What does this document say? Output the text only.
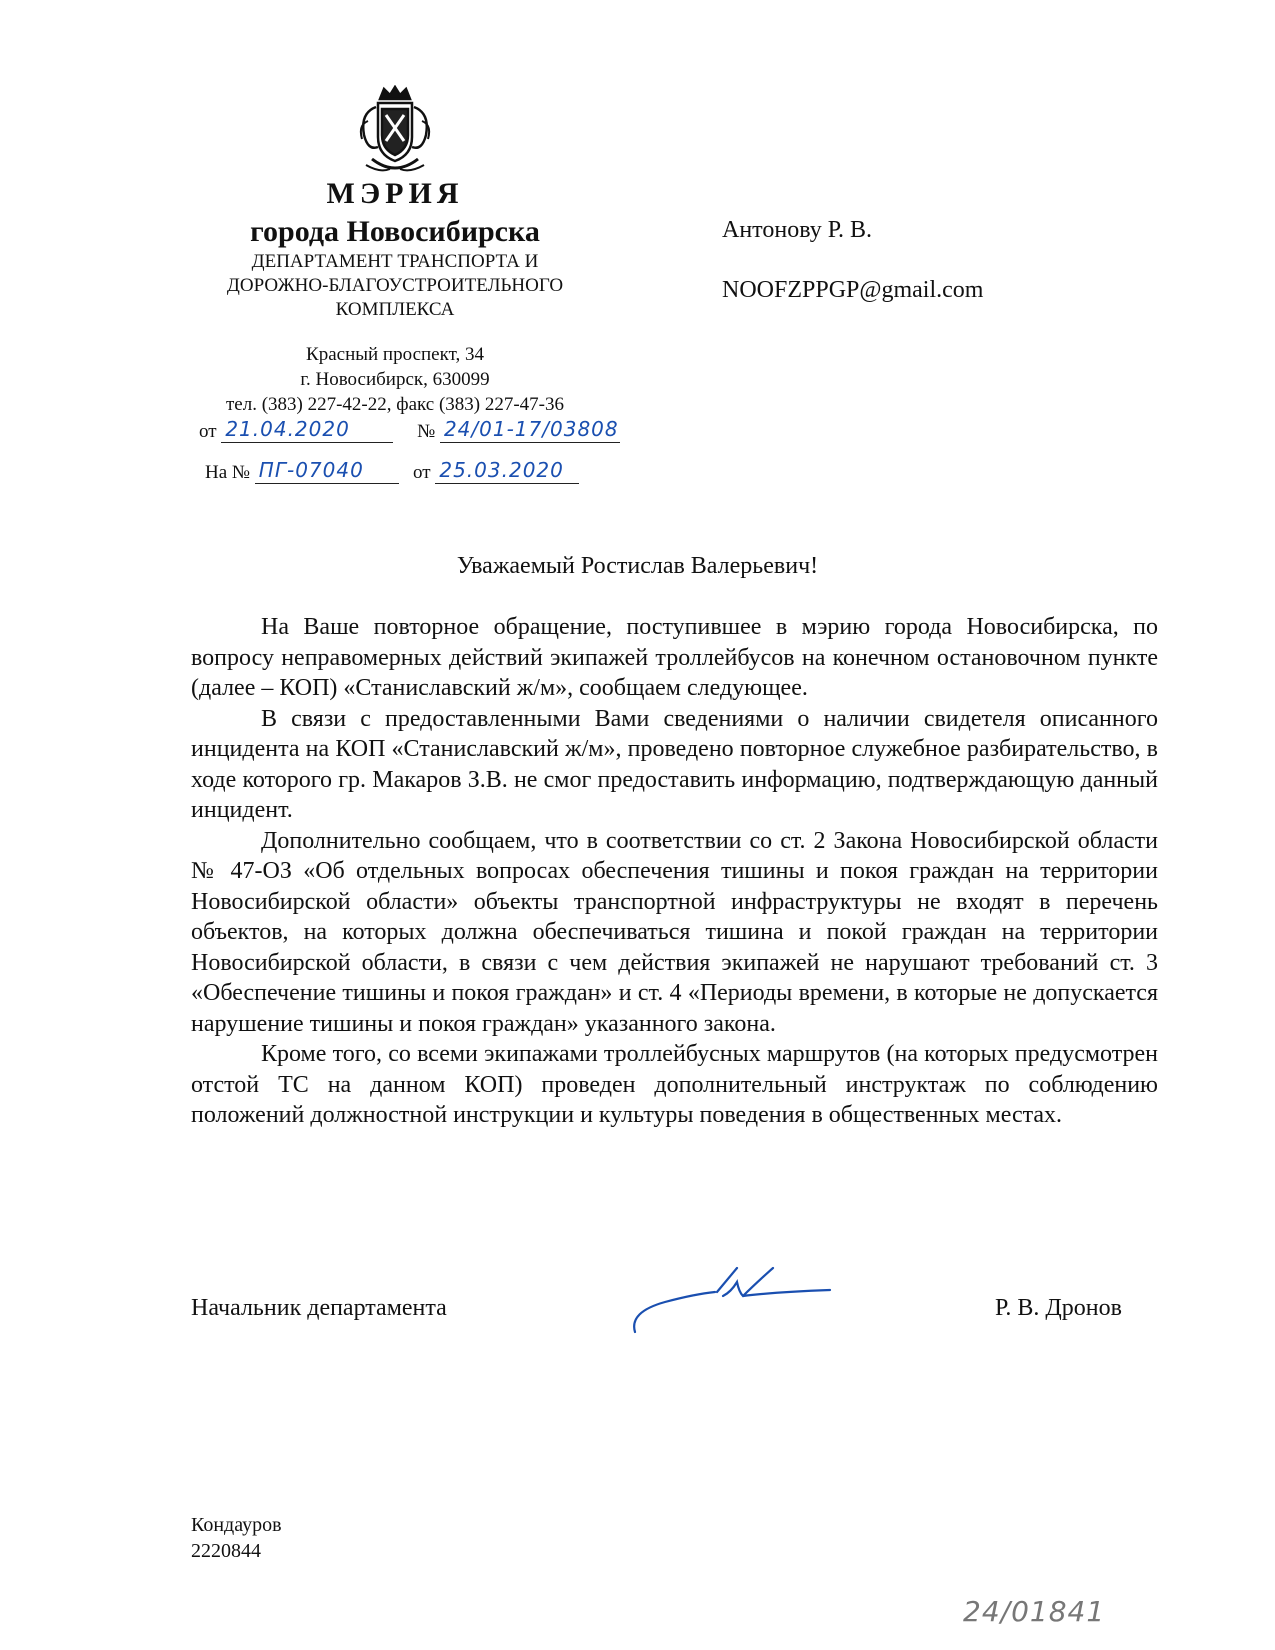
МЭРИЯ
города Новосибирска
ДЕПАРТАМЕНТ ТРАНСПОРТА И
ДОРОЖНО-БЛАГОУСТРОИТЕЛЬНОГО
КОМПЛЕКСА
Красный проспект, 34
г. Новосибирск, 630099
тел. (383) 227-42-22, факс (383) 227-47-36
от
21.04.2020
	№
24/01-17/03808
На №
ПГ-07040
	от
25.03.2020
Антонову Р. В.
NOOFZPPGP@gmail.com
Уважаемый Ростислав Валерьевич!

На Ваше повторное обращение, поступившее в мэрию города Новосибирска, по вопросу неправомерных действий экипажей троллейбусов на конечном остановочном пункте (далее – КОП) «Станиславский ж/м», сообщаем следующее.

В связи с предоставленными Вами сведениями о наличии свидетеля описанного инцидента на КОП «Станиславский ж/м», проведено повторное служебное разбирательство, в ходе которого гр. Макаров З.В. не смог предоставить информацию, подтверждающую данный инцидент.

Дополнительно сообщаем, что в соответствии со ст. 2 Закона Новосибирской области № 47-ОЗ «Об отдельных вопросах обеспечения тишины и покоя граждан на территории Новосибирской области» объекты транспортной инфраструктуры не входят в перечень объектов, на которых должна обеспечиваться тишина и покой граждан на территории Новосибирской области, в связи с чем действия экипажей не нарушают требований ст. 3 «Обеспечение тишины и покоя граждан» и ст. 4 «Периоды времени, в которые не допускается нарушение тишины и покоя граждан» указанного закона.

Кроме того, со всеми экипажами троллейбусных маршрутов (на которых предусмотрен отстой ТС на данном КОП) проведен дополнительный инструктаж по соблюдению положений должностной инструкции и культуры поведения в общественных местах.

Начальник департамента	Р. В. Дронов
Кондауров
2220844
24/01841
